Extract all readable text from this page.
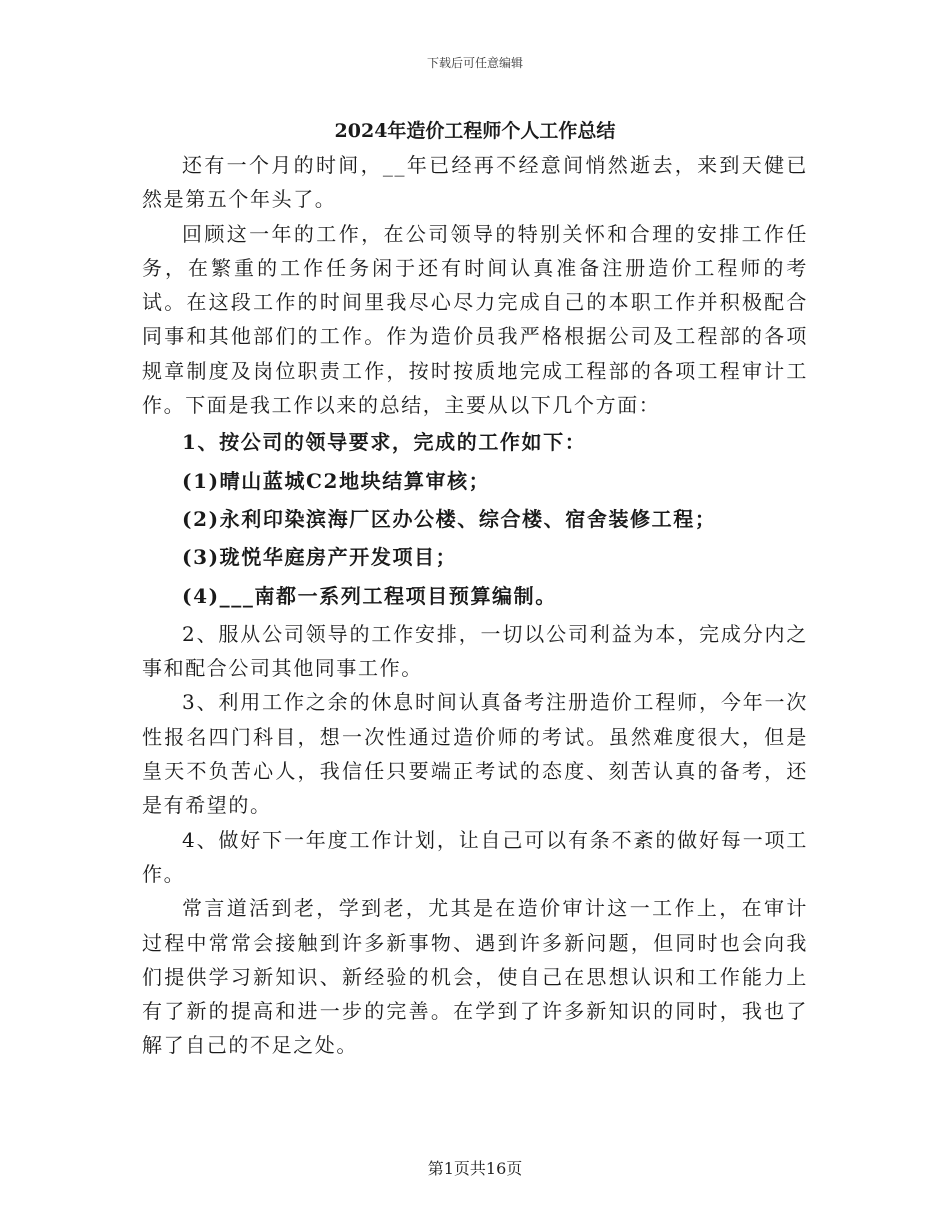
下载后可任意编辑
2024年造价工程师个人工作总结

还有一个月的时间，__年已经再不经意间悄然逝去，来到天健已然是第五个年头了。

回顾这一年的工作，在公司领导的特别关怀和合理的安排工作任务，在繁重的工作任务闲于还有时间认真准备注册造价工程师的考试。在这段工作的时间里我尽心尽力完成自己的本职工作并积极配合同事和其他部们的工作。作为造价员我严格根据公司及工程部的各项规章制度及岗位职责工作，按时按质地完成工程部的各项工程审计工作。下面是我工作以来的总结，主要从以下几个方面：

1、按公司的领导要求，完成的工作如下：

(1)晴山蓝城C2地块结算审核；

(2)永利印染滨海厂区办公楼、综合楼、宿舍装修工程；

(3)珑悦华庭房产开发项目；

(4)___南都一系列工程项目预算编制。

2、服从公司领导的工作安排，一切以公司利益为本，完成分内之事和配合公司其他同事工作。

3、利用工作之余的休息时间认真备考注册造价工程师，今年一次性报名四门科目，想一次性通过造价师的考试。虽然难度很大，但是皇天不负苦心人，我信任只要端正考试的态度、刻苦认真的备考，还是有希望的。

4、做好下一年度工作计划，让自己可以有条不紊的做好每一项工作。

常言道活到老，学到老，尤其是在造价审计这一工作上，在审计过程中常常会接触到许多新事物、遇到许多新问题，但同时也会向我们提供学习新知识、新经验的机会，使自己在思想认识和工作能力上有了新的提高和进一步的完善。在学到了许多新知识的同时，我也了解了自己的不足之处。

第1页共16页
